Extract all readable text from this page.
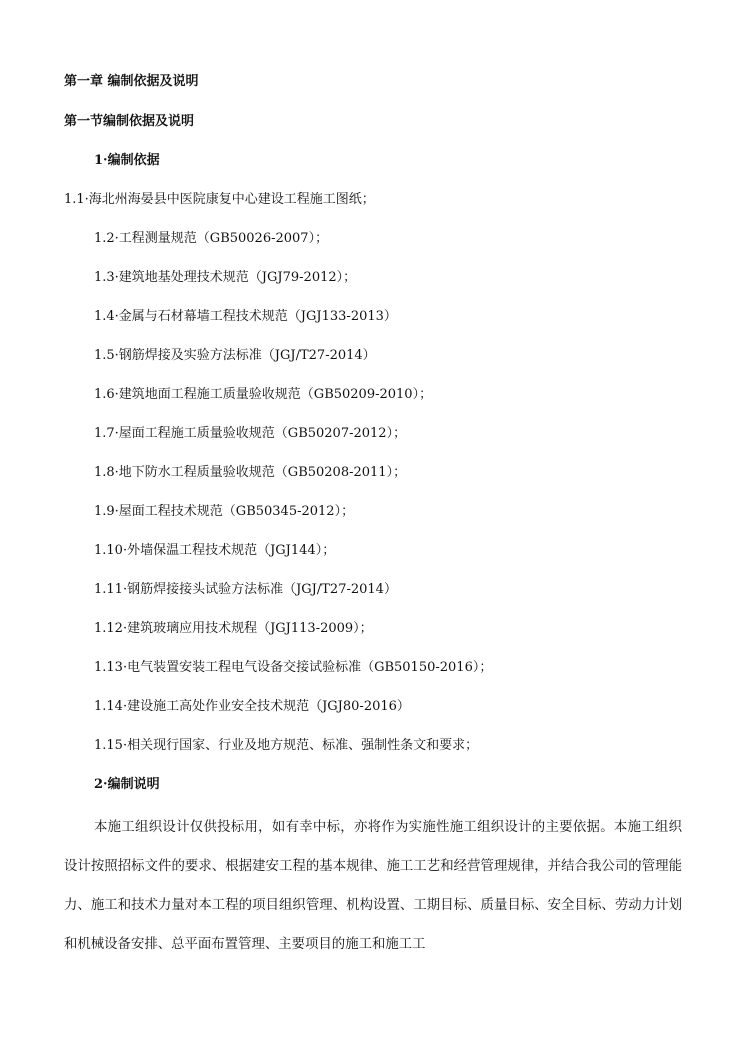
第一章 编制依据及说明
第一节编制依据及说明
1·编制依据
1.1·海北州海晏县中医院康复中心建设工程施工图纸；
1.2·工程测量规范（GB50026-2007）；
1.3·建筑地基处理技术规范（JGJ79-2012）；
1.4·金属与石材幕墙工程技术规范（JGJ133-2013）
1.5·钢筋焊接及实验方法标准（JGJ/T27-2014）
1.6·建筑地面工程施工质量验收规范（GB50209-2010）；
1.7·屋面工程施工质量验收规范（GB50207-2012）；
1.8·地下防水工程质量验收规范（GB50208-2011）；
1.9·屋面工程技术规范（GB50345-2012）；
1.10·外墙保温工程技术规范（JGJ144）；
1.11·钢筋焊接接头试验方法标准（JGJ/T27-2014）
1.12·建筑玻璃应用技术规程（JGJ113-2009）；
1.13·电气装置安装工程电气设备交接试验标准（GB50150-2016）；
1.14·建设施工高处作业安全技术规范（JGJ80-2016）
1.15·相关现行国家、行业及地方规范、标准、强制性条文和要求；
2·编制说明
本施工组织设计仅供投标用，如有幸中标，亦将作为实施性施工组织设计的主要依据。本施工组织设计按照招标文件的要求、根据建安工程的基本规律、施工工艺和经营管理规律，并结合我公司的管理能力、施工和技术力量对本工程的项目组织管理、机构设置、工期目标、质量目标、安全目标、劳动力计划和机械设备安排、总平面布置管理、主要项目的施工和施工工
